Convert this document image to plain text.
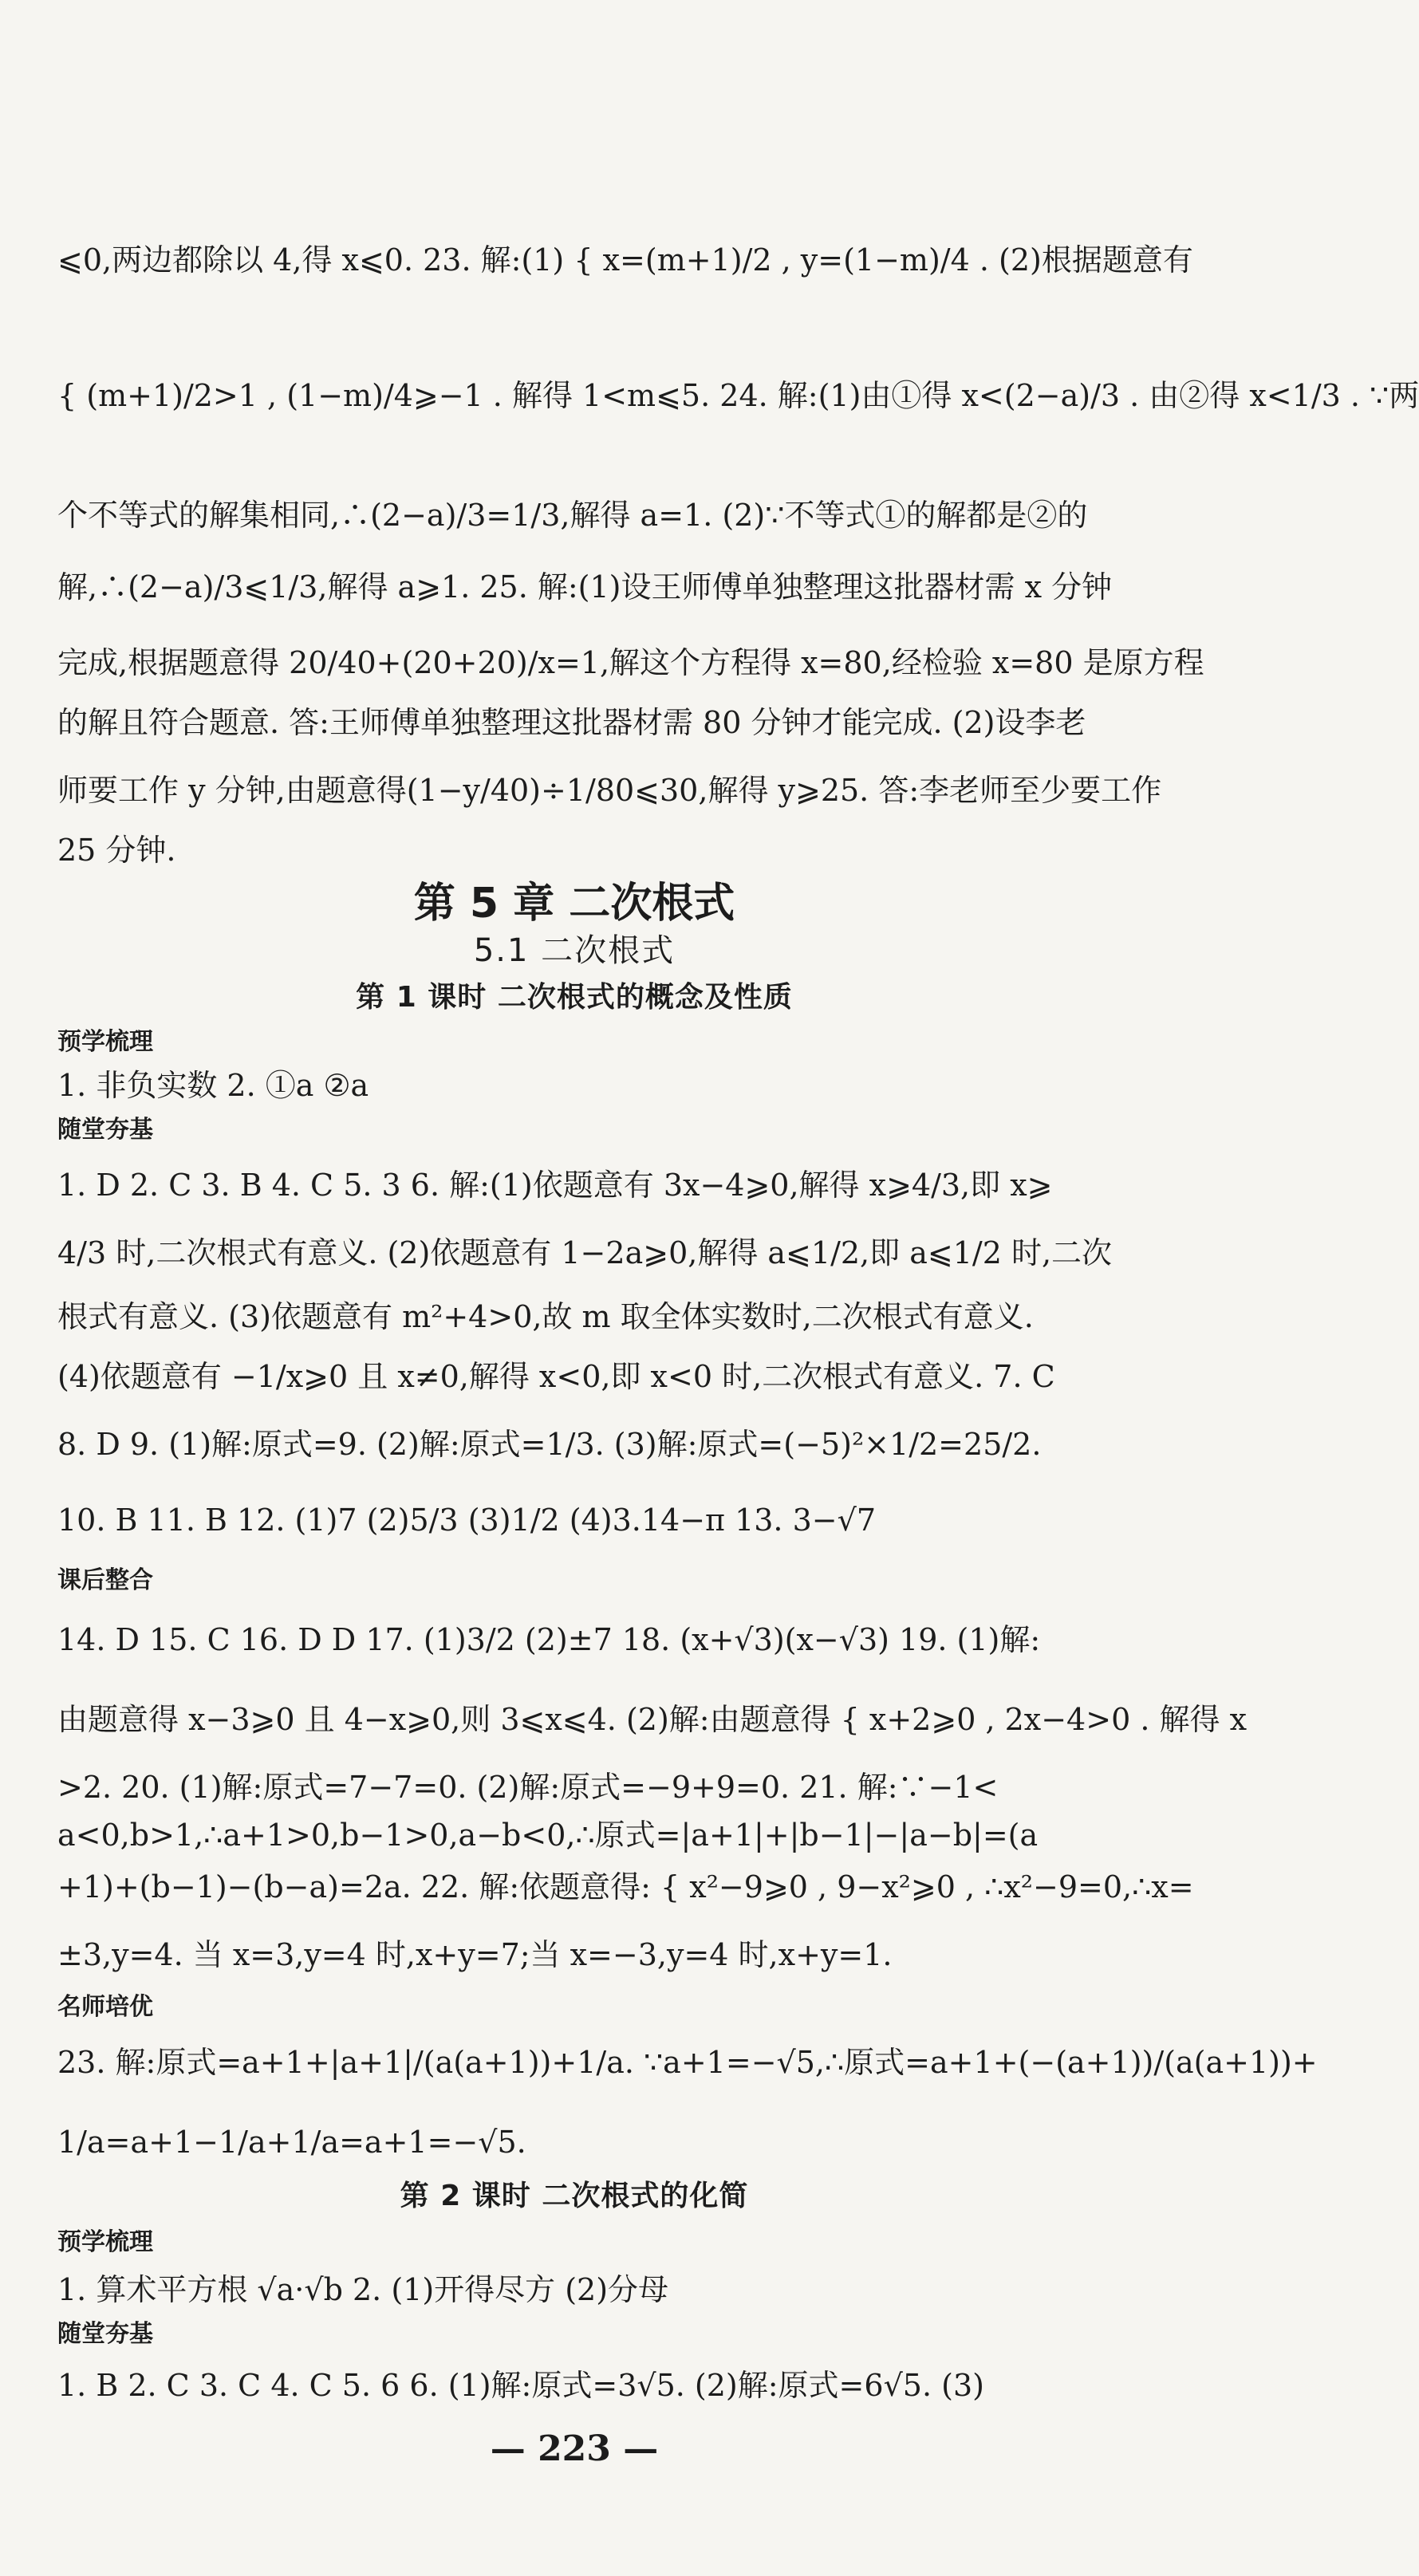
⩽0,两边都除以 4,得 x⩽0. 23. 解:(1) { x=(m+1)/2 , y=(1−m)/4 . (2)根据题意有
{ (m+1)/2>1 , (1−m)/4⩾−1 . 解得 1<m⩽5. 24. 解:(1)由①得 x<(2−a)/3 . 由②得 x<1/3 . ∵两
个不等式的解集相同,∴(2−a)/3=1/3,解得 a=1. (2)∵不等式①的解都是②的
解,∴(2−a)/3⩽1/3,解得 a⩾1. 25. 解:(1)设王师傅单独整理这批器材需 x 分钟
完成,根据题意得 20/40+(20+20)/x=1,解这个方程得 x=80,经检验 x=80 是原方程
的解且符合题意. 答:王师傅单独整理这批器材需 80 分钟才能完成. (2)设李老
师要工作 y 分钟,由题意得(1−y/40)÷1/80⩽30,解得 y⩾25. 答:李老师至少要工作
25 分钟.
第 5 章 二次根式
5.1 二次根式
第 1 课时 二次根式的概念及性质
预学梳理
1. 非负实数 2. ①a ②a
随堂夯基
1. D 2. C 3. B 4. C 5. 3 6. 解:(1)依题意有 3x−4⩾0,解得 x⩾4/3,即 x⩾
4/3 时,二次根式有意义. (2)依题意有 1−2a⩾0,解得 a⩽1/2,即 a⩽1/2 时,二次
根式有意义. (3)依题意有 m²+4>0,故 m 取全体实数时,二次根式有意义.
(4)依题意有 −1/x⩾0 且 x≠0,解得 x<0,即 x<0 时,二次根式有意义. 7. C
8. D 9. (1)解:原式=9. (2)解:原式=1/3. (3)解:原式=(−5)²×1/2=25/2.
10. B 11. B 12. (1)7 (2)5/3 (3)1/2 (4)3.14−π 13. 3−√7
课后整合
14. D 15. C 16. D D 17. (1)3/2 (2)±7 18. (x+√3)(x−√3) 19. (1)解:
由题意得 x−3⩾0 且 4−x⩾0,则 3⩽x⩽4. (2)解:由题意得 { x+2⩾0 , 2x−4>0 . 解得 x
>2. 20. (1)解:原式=7−7=0. (2)解:原式=−9+9=0. 21. 解:∵−1<
a<0,b>1,∴a+1>0,b−1>0,a−b<0,∴原式=|a+1|+|b−1|−|a−b|=(a
+1)+(b−1)−(b−a)=2a. 22. 解:依题意得: { x²−9⩾0 , 9−x²⩾0 , ∴x²−9=0,∴x=
±3,y=4. 当 x=3,y=4 时,x+y=7;当 x=−3,y=4 时,x+y=1.
名师培优
23. 解:原式=a+1+|a+1|/(a(a+1))+1/a. ∵a+1=−√5,∴原式=a+1+(−(a+1))/(a(a+1))+
1/a=a+1−1/a+1/a=a+1=−√5.
第 2 课时 二次根式的化简
预学梳理
1. 算术平方根 √a·√b 2. (1)开得尽方 (2)分母
随堂夯基
1. B 2. C 3. C 4. C 5. 6 6. (1)解:原式=3√5. (2)解:原式=6√5. (3)
— 223 —
